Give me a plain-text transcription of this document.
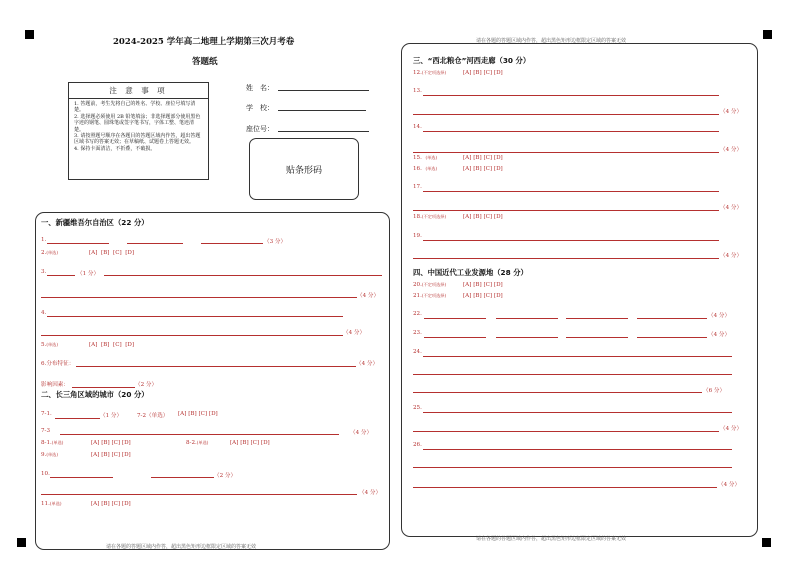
2024-2025 学年高二地理上学期第三次月考卷
答题纸
注 意 事 项
1. 答题前，考生先将自己的姓名、学校、座位号填写清楚。
2. 选择题必须使用 2B 铅笔填涂；非选择题部分使用黑色字迹的钢笔、圆珠笔或签字笔书写，字体工整、笔迹清楚。
3. 请按照题号顺序在各题目的答题区域内作答，超出答题区域书写的答案无效；在草稿纸、试题卷上答题无效。
4. 保持卡面清洁，不折叠，不破损。
姓　名：
学　校：
座位号：
贴条形码
请在各题的答题区域内作答，超出黑色矩形边框限定区域的答案无效
一、新疆维吾尔自治区（22 分）
1.	（3 分）
2.(单选)	[A] [B] [C] [D]
3.	（1 分）
（4 分）
4.
（4 分）
5.(单选)	[A] [B] [C] [D]
6.分布特征：	（4 分）
影响因素：	（2 分）
二、长三角区域的城市（20 分）
7-1.	（1 分）	7-2（单选） [A] [B] [C] [D]
7-3	（4 分）
8-1.(单选)	[A] [B] [C] [D]	8-2.(单选)	[A] [B] [C] [D]
9.(单选)	[A] [B] [C] [D]
10.	（2 分）
（4 分）
11.(单选)	[A] [B] [C] [D]
请在各题的答题区域内作答，超出黑色矩形边框限定区域的答案无效
请在各题的答题区域内作答，超出黑色矩形边框限定区域的答案无效
三、“西北粮仓”河西走廊（30 分）
12.(不定项选择)	[A] [B] [C] [D]
13.
（4 分）
14.
（4 分）
15. (单选)	[A] [B] [C] [D]
16. (单选)	[A] [B] [C] [D]
17.
（4 分）
18.(不定项选择)	[A] [B] [C] [D]
19.
（4 分）
四、中国近代工业发源地（28 分）
20.(不定项选择)	[A] [B] [C] [D]
21.(不定项选择)	[A] [B] [C] [D]
22.	（4 分）
23.	（4 分）
24.
（6 分）
25.
（4 分）
26.
（4 分）
